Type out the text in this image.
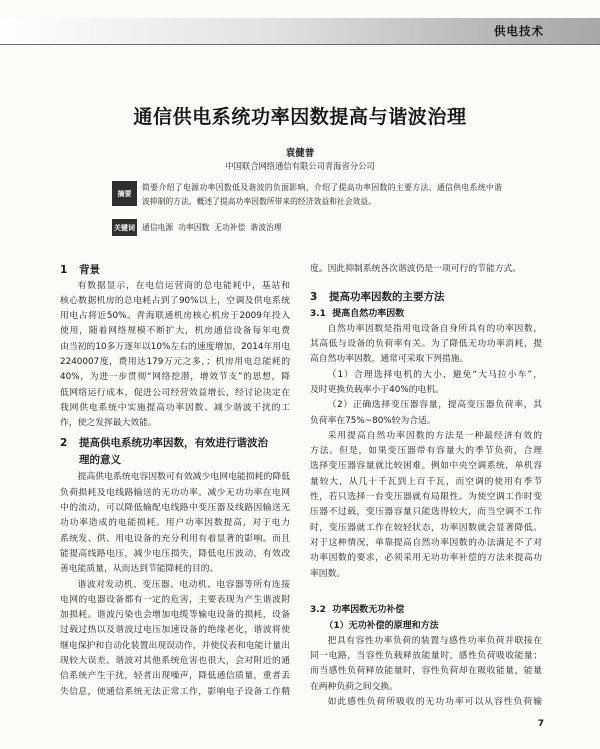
供电技术
通信供电系统功率因数提高与谐波治理
袁健普
中国联合网络通信有限公司青海省分公司
摘要
简要介绍了电源功率因数低及谐波的负面影响，介绍了提高功率因数的主要方法、通信供电系统中谐
波抑制的方法，概述了提高功率因数所带来的经济效益和社会效益。
关键词 通信电源  功率因数  无功补偿  谐波治理
1	背景
有数据显示，在电信运营商的总电能耗中，基站和
核心数据机房的总电耗占到了90%以上，空调及供电系统
用电占将近50%。青海联通机房核心机房于2009年投入
使用，随着网络规模不断扩大，机房通信设备每年电费
由当初的10多万逐年以10%左右的速度增加，2014年用电
2240007度，费用达179万元之多，；机房用电总能耗的
40%，为进一步贯彻“网络挖潜，增效节支”的思想，降
低网络运行成本，促进公司经营效益增长，经讨论决定在
我网供电系统中实施提高功率因数、减少谐波干扰的工
作，使之发挥最大效能。
2	提高供电系统功率因数，有效进行谐波治
理的意义
提高供电系统电容因数可有效减少电网电能损耗的降低
负荷损耗及电线路输送的无功功率。减少无功功率在电网
中的流动，可以降低输配电线路中变压器及线路因输送无
功功率造成的电能损耗。用户功率因数提高，对于电力
系统发、供、用电设备的充分利用有着显著的影响。而且
能提高线路电压，减少电压损失，降低电压波动，有效改
善电能质量，从而达到节能降耗的目的。
谐波对发动机、变压器、电动机、电容器等所有连接
电网的电器设备都有一定的危害，主要表现为产生谐波附
加损耗。谐波污染也会增加电缆等输电设备的损耗，设备
过载过热以及谐波过电压加速设备的绝缘老化，谐波将使
继电保护和自动化装置出现误动作，并使仪表和电能计量出
现较大误差。谐波对其他系统危害也很大，会对附近的通
信系统产生干扰，轻者出现噪声，降低通信质量，重者丢
失信息，使通信系统无法正常工作，影响电子设备工作精
度。因此抑制系统各次谐波仍是一项可行的节能方式。
3	提高功率因数的主要方法
3.1  提高自然功率因数
自然功率因数是指用电设备自身所具有的功率因数，
其高低与设备的负荷率有关。为了降低无功功率消耗，提
高自然功率因数，通常可采取下列措施。
（1）合理选择电机的大小，避免“大马拉小车”，
及时更换负载率小于40%的电机。
（2）正确选择变压器容量，提高变压器负荷率，其
负荷率在75%~80%较为合适。
采用提高自然功率因数的方法是一种最经济有效的
方法。但是，如果变压器带有容量大的季节负荷，合理
选择变压器容量就比较困难。例如中央空调系统，单机容
量较大，从几十千瓦到上百千瓦，而空调的使用有季节
性，若只选择一台变压器就有局限性。为使空调工作时变
压器不过载，变压器容量只能选得较大，而当空调不工作
时，变压器就工作在较轻状态，功率因数就会显著降低。
对于这种情况，单靠提高自然功率因数的办法满足不了对
功率因数的要求，必须采用无功功率补偿的方法来提高功
率因数。
3.2  功率因数无功补偿
（1）无功补偿的原理和方法
把具有容性功率负荷的装置与感性功率负荷并联接在
同一电路，当容性负载释放能量时，感性负荷吸收能量；
而当感性负荷释放能量时，容性负荷却在吸收能量，能量
在两种负荷之间交换。
如此感性负荷所吸收的无功功率可以从容性负荷输
7
